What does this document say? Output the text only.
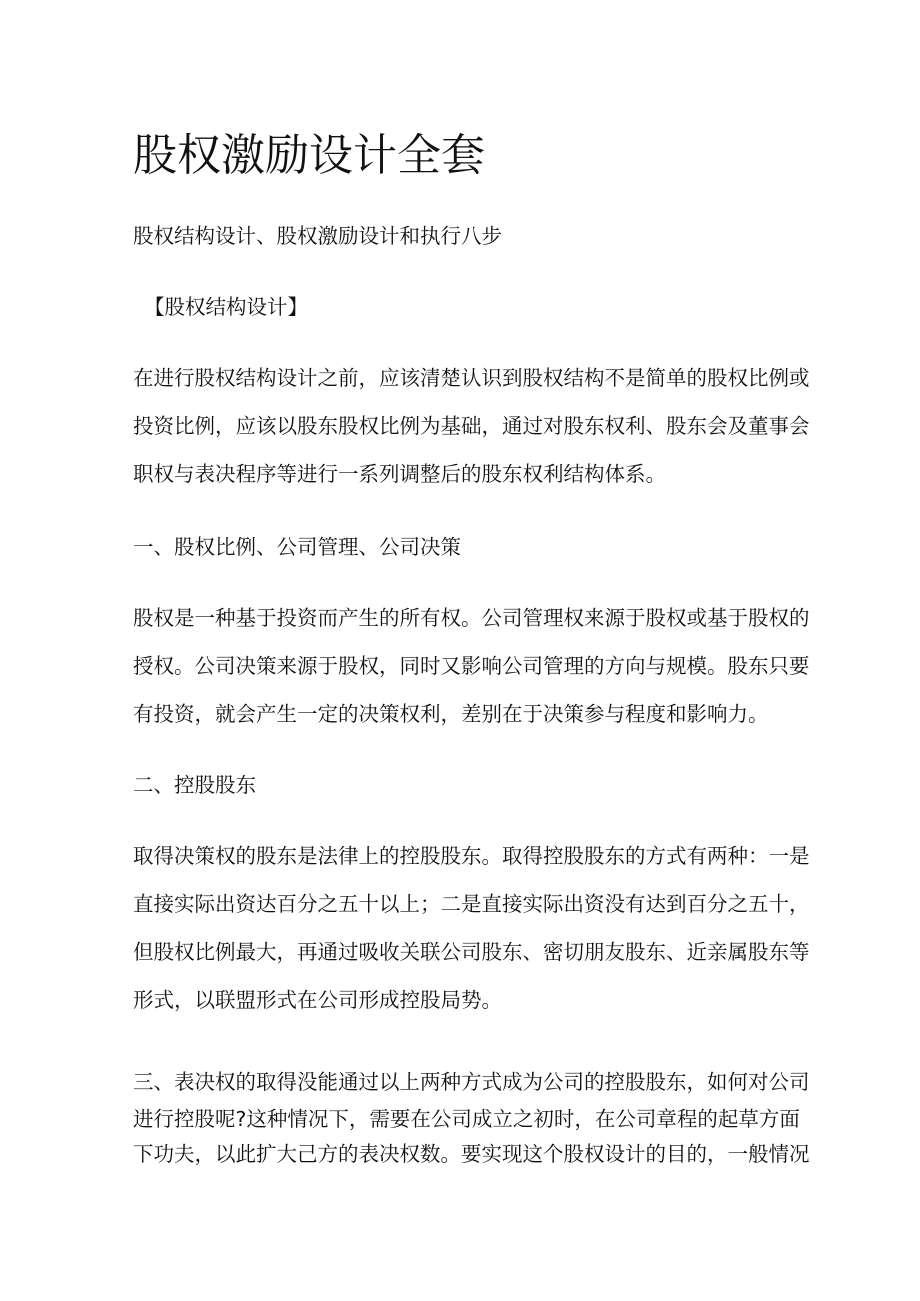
股权激励设计全套

股权结构设计、股权激励设计和执行八步

【股权结构设计】

在进行股权结构设计之前，应该清楚认识到股权结构不是简单的股权比例或

投资比例，应该以股东股权比例为基础，通过对股东权利、股东会及董事会

职权与表决程序等进行一系列调整后的股东权利结构体系。

一、股权比例、公司管理、公司决策

股权是一种基于投资而产生的所有权。公司管理权来源于股权或基于股权的

授权。公司决策来源于股权，同时又影响公司管理的方向与规模。股东只要

有投资，就会产生一定的决策权利，差别在于决策参与程度和影响力。

二、控股股东

取得决策权的股东是法律上的控股股东。取得控股股东的方式有两种：一是

直接实际出资达百分之五十以上；二是直接实际出资没有达到百分之五十，

但股权比例最大，再通过吸收关联公司股东、密切朋友股东、近亲属股东等

形式，以联盟形式在公司形成控股局势。

三、表决权的取得没能通过以上两种方式成为公司的控股股东，如何对公司

进行控股呢?这种情况下，需要在公司成立之初时，在公司章程的起草方面

下功夫，以此扩大己方的表决权数。要实现这个股权设计的目的，一般情况
